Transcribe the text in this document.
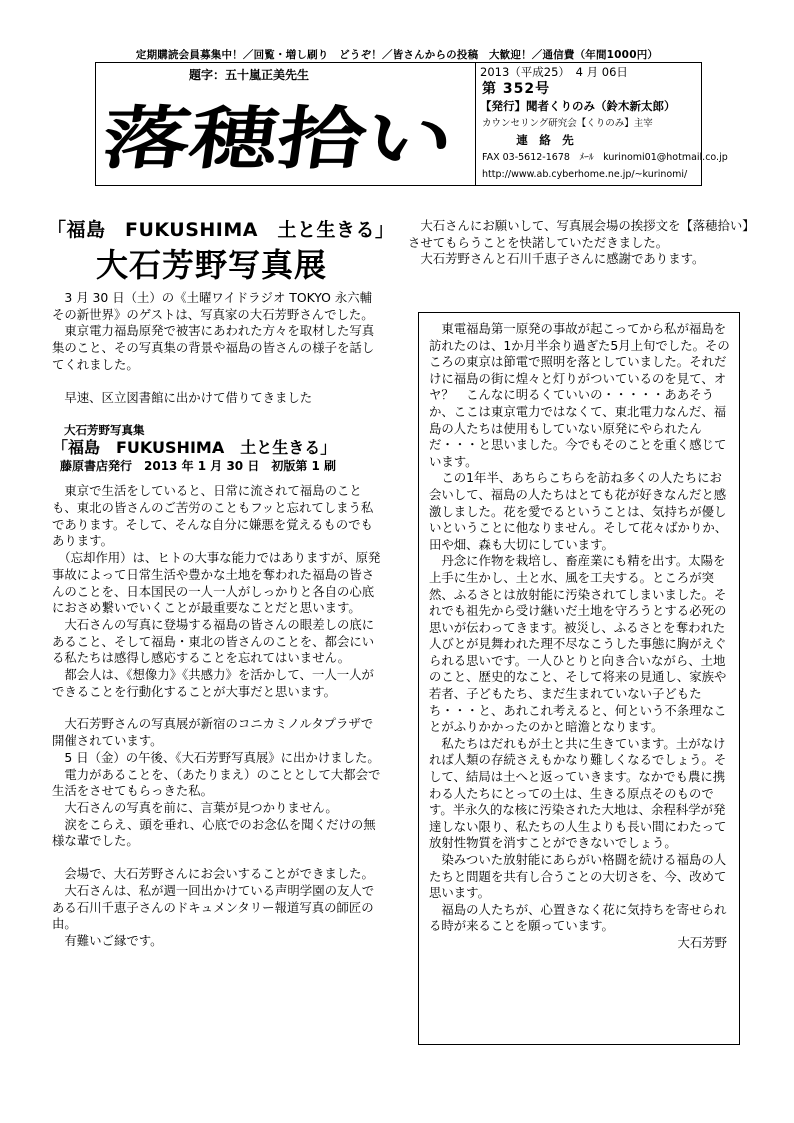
定期購読会員募集中！／回覧・増し刷り　どうぞ！／皆さんからの投稿　大歓迎！／通信費（年間1000円）
題字：五十嵐正美先生
落穂拾い
2013（平成25）　4 月 06日
第 352号
【発行】聞者くりのみ（鈴木新太郎）
カウンセリング研究会【くりのみ】主宰
連　絡　先
FAX 03-5612-1678　ﾒｰﾙ　kurinomi01@hotmail.co.jp
http://www.ab.cyberhome.ne.jp/~kurinomi/
「福島　FUKUSHIMA　土と生きる」
大石芳野写真展

　3 月 30 日（土）の《土曜ワイドラジオ TOKYO 永六輔その新世界》のゲストは、写真家の大石芳野さんでした。

　東京電力福島原発で被害にあわれた方々を取材した写真集のこと、その写真集の背景や福島の皆さんの様子を話してくれました。

　早速、区立図書館に出かけて借りてきました

大石芳野写真集
「福島　FUKUSHIMA　土と生きる」
藤原書店発行　2013 年 1 月 30 日　初版第 1 刷

　東京で生活をしていると、日常に流されて福島のことも、東北の皆さんのご苦労のこともフッと忘れてしまう私であります。そして、そんな自分に嫌悪を覚えるものでもあります。

　（忘却作用）は、ヒトの大事な能力ではありますが、原発事故によって日常生活や豊かな土地を奪われた福島の皆さんのことを、日本国民の一人一人がしっかりと各自の心底におさめ繋いでいくことが最重要なことだと思います。

　大石さんの写真に登場する福島の皆さんの眼差しの底にあること、そして福島・東北の皆さんのことを、都会にいる私たちは感得し感応することを忘れてはいません。

　都会人は、《想像力》《共感力》を活かして、一人一人ができることを行動化することが大事だと思います。

　大石芳野さんの写真展が新宿のコニカミノルタプラザで開催されています。

　5 日（金）の午後、《大石芳野写真展》に出かけました。

　電力があることを、（あたりまえ）のこととして大都会で生活をさせてもらっきた私。

　大石さんの写真を前に、言葉が見つかりません。

　涙をこらえ、頭を垂れ、心底でのお念仏を聞くだけの無様な輩でした。

　会場で、大石芳野さんにお会いすることができました。

　大石さんは、私が週一回出かけている声明学園の友人である石川千恵子さんのドキュメンタリー報道写真の師匠の由。

　有難いご縁です。

　大石さんにお願いして、写真展会場の挨拶文を【落穂拾い】させてもらうことを快諾していただきました。

　大石芳野さんと石川千恵子さんに感謝であります。

　東電福島第一原発の事故が起こってから私が福島を訪れたのは、1か月半余り過ぎた5月上旬でした。そのころの東京は節電で照明を落としていました。それだけに福島の街に煌々と灯りがついているのを見て、オヤ？　こんなに明るくていいの・・・・・ああそうか、ここは東京電力ではなくて、東北電力なんだ、福島の人たちは使用もしていない原発にやられたんだ・・・と思いました。今でもそのことを重く感じています。

　この1年半、あちらこちらを訪ね多くの人たちにお会いして、福島の人たちはとても花が好きなんだと感激しました。花を愛でるということは、気持ちが優しいということに他なりません。そして花々ばかりか、田や畑、森も大切にしています。

　丹念に作物を栽培し、畜産業にも精を出す。太陽を上手に生かし、土と水、風を工夫する。ところが突然、ふるさとは放射能に汚染されてしまいました。それでも祖先から受け継いだ土地を守ろうとする必死の思いが伝わってきます。被災し、ふるさとを奪われた人びとが見舞われた理不尽なこうした事態に胸がえぐられる思いです。一人ひとりと向き合いながら、土地のこと、歴史的なこと、そして将来の見通し、家族や若者、子どもたち、まだ生まれていない子どもたち・・・と、あれこれ考えると、何という不条理なことがふりかかったのかと暗澹となります。

　私たちはだれもが土と共に生きています。土がなければ人類の存続さえもかなり難しくなるでしょう。そして、結局は土へと返っていきます。なかでも農に携わる人たちにとっての土は、生きる原点そのものです。半永久的な核に汚染された大地は、余程科学が発達しない限り、私たちの人生よりも長い間にわたって放射性物質を消すことができないでしょう。

　染みついた放射能にあらがい格闘を続ける福島の人たちと問題を共有し合うことの大切さを、今、改めて思います。

　福島の人たちが、心置きなく花に気持ちを寄せられる時が来ることを願っています。

大石芳野
